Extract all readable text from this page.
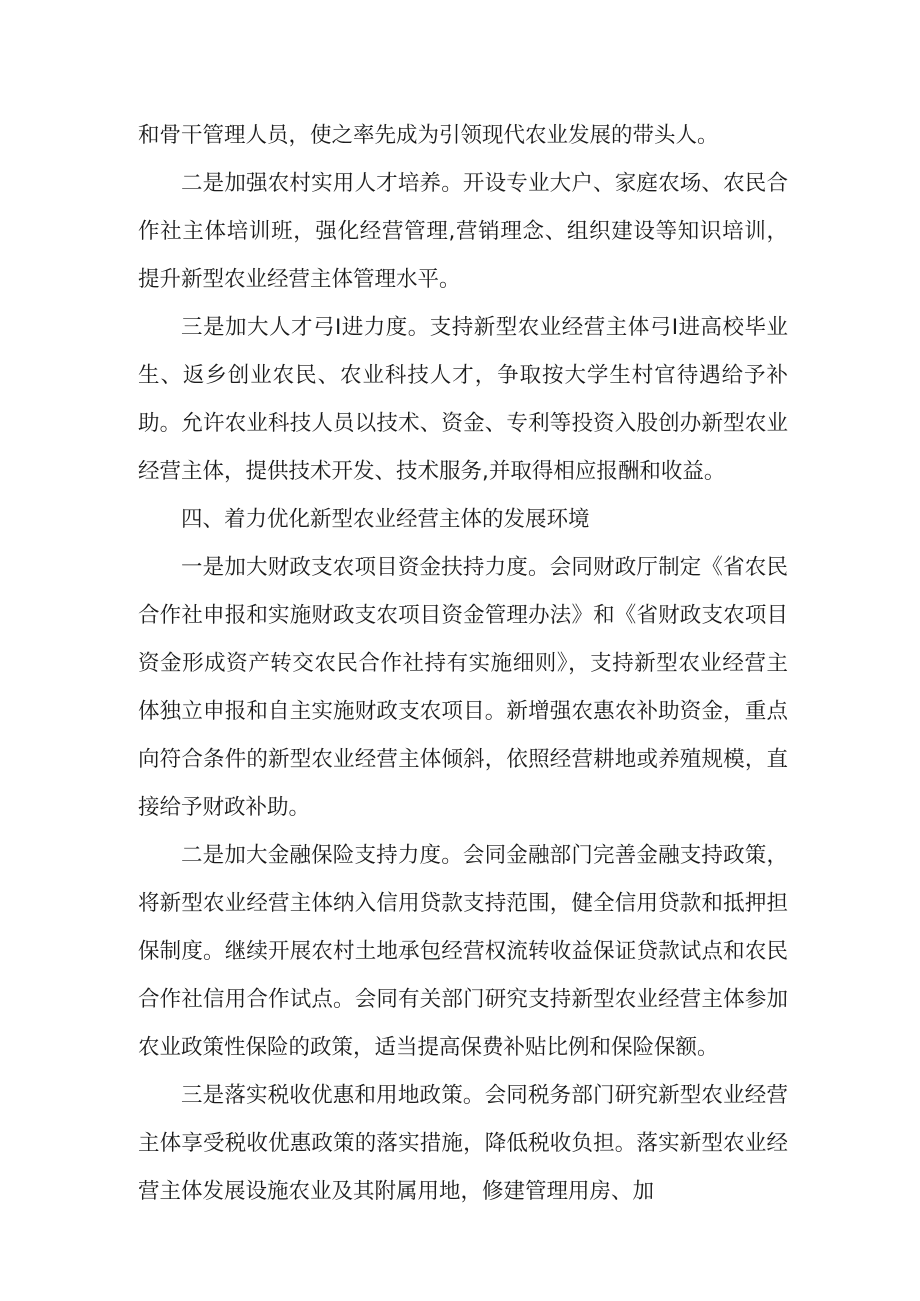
和骨干管理人员，使之率先成为引领现代农业发展的带头人。

二是加强农村实用人才培养。开设专业大户、家庭农场、农民合作社主体培训班，强化经营管理,营销理念、组织建设等知识培训，提升新型农业经营主体管理水平。

三是加大人才弓I进力度。支持新型农业经营主体弓I进高校毕业生、返乡创业农民、农业科技人才，争取按大学生村官待遇给予补助。允许农业科技人员以技术、资金、专利等投资入股创办新型农业经营主体，提供技术开发、技术服务,并取得相应报酬和收益。

四、着力优化新型农业经营主体的发展环境

一是加大财政支农项目资金扶持力度。会同财政厅制定《省农民合作社申报和实施财政支农项目资金管理办法》和《省财政支农项目资金形成资产转交农民合作社持有实施细则》，支持新型农业经营主体独立申报和自主实施财政支农项目。新增强农惠农补助资金，重点向符合条件的新型农业经营主体倾斜，依照经营耕地或养殖规模，直接给予财政补助。

二是加大金融保险支持力度。会同金融部门完善金融支持政策，将新型农业经营主体纳入信用贷款支持范围，健全信用贷款和抵押担保制度。继续开展农村土地承包经营权流转收益保证贷款试点和农民合作社信用合作试点。会同有关部门研究支持新型农业经营主体参加农业政策性保险的政策，适当提高保费补贴比例和保险保额。

三是落实税收优惠和用地政策。会同税务部门研究新型农业经营主体享受税收优惠政策的落实措施，降低税收负担。落实新型农业经营主体发展设施农业及其附属用地，修建管理用房、加
